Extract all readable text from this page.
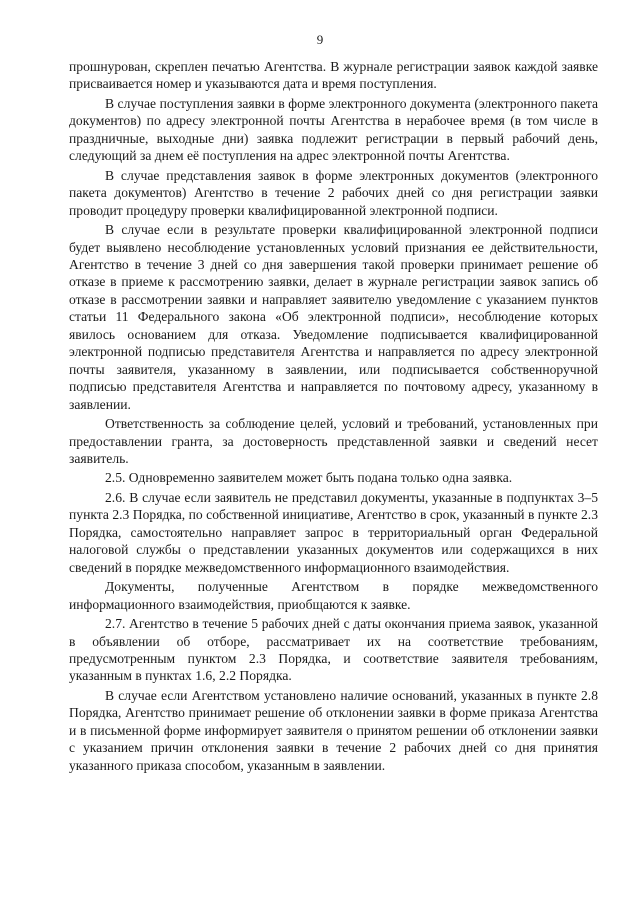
9

прошнурован, скреплен печатью Агентства. В журнале регистрации заявок каждой заявке присваивается номер и указываются дата и время поступления.

В случае поступления заявки в форме электронного документа (электронного пакета документов) по адресу электронной почты Агентства в нерабочее время (в том числе в праздничные, выходные дни) заявка подлежит регистрации в первый рабочий день, следующий за днем её поступления на адрес электронной почты Агентства.

В случае представления заявок в форме электронных документов (электронного пакета документов) Агентство в течение 2 рабочих дней со дня регистрации заявки проводит процедуру проверки квалифицированной электронной подписи.

В случае если в результате проверки квалифицированной электронной подписи будет выявлено несоблюдение установленных условий признания ее действительности, Агентство в течение 3 дней со дня завершения такой проверки принимает решение об отказе в приеме к рассмотрению заявки, делает в журнале регистрации заявок запись об отказе в рассмотрении заявки и направляет заявителю уведомление с указанием пунктов статьи 11 Федерального закона «Об электронной подписи», несоблюдение которых явилось основанием для отказа. Уведомление подписывается квалифицированной электронной подписью представителя Агентства и направляется по адресу электронной почты заявителя, указанному в заявлении, или подписывается собственноручной подписью представителя Агентства и направляется по почтовому адресу, указанному в заявлении.

Ответственность за соблюдение целей, условий и требований, установленных при предоставлении гранта, за достоверность представленной заявки и сведений несет заявитель.

2.5. Одновременно заявителем может быть подана только одна заявка.

2.6. В случае если заявитель не представил документы, указанные в подпунктах 3–5 пункта 2.3 Порядка, по собственной инициативе, Агентство в срок, указанный в пункте 2.3 Порядка, самостоятельно направляет запрос в территориальный орган Федеральной налоговой службы о представлении указанных документов или содержащихся в них сведений в порядке межведомственного информационного взаимодействия.

Документы, полученные Агентством в порядке межведомственного информационного взаимодействия, приобщаются к заявке.

2.7. Агентство в течение 5 рабочих дней с даты окончания приема заявок, указанной в объявлении об отборе, рассматривает их на соответствие требованиям, предусмотренным пунктом 2.3 Порядка, и соответствие заявителя требованиям, указанным в пунктах 1.6, 2.2 Порядка.

В случае если Агентством установлено наличие оснований, указанных в пункте 2.8 Порядка, Агентство принимает решение об отклонении заявки в форме приказа Агентства и в письменной форме информирует заявителя о принятом решении об отклонении заявки с указанием причин отклонения заявки в течение 2 рабочих дней со дня принятия указанного приказа способом, указанным в заявлении.
